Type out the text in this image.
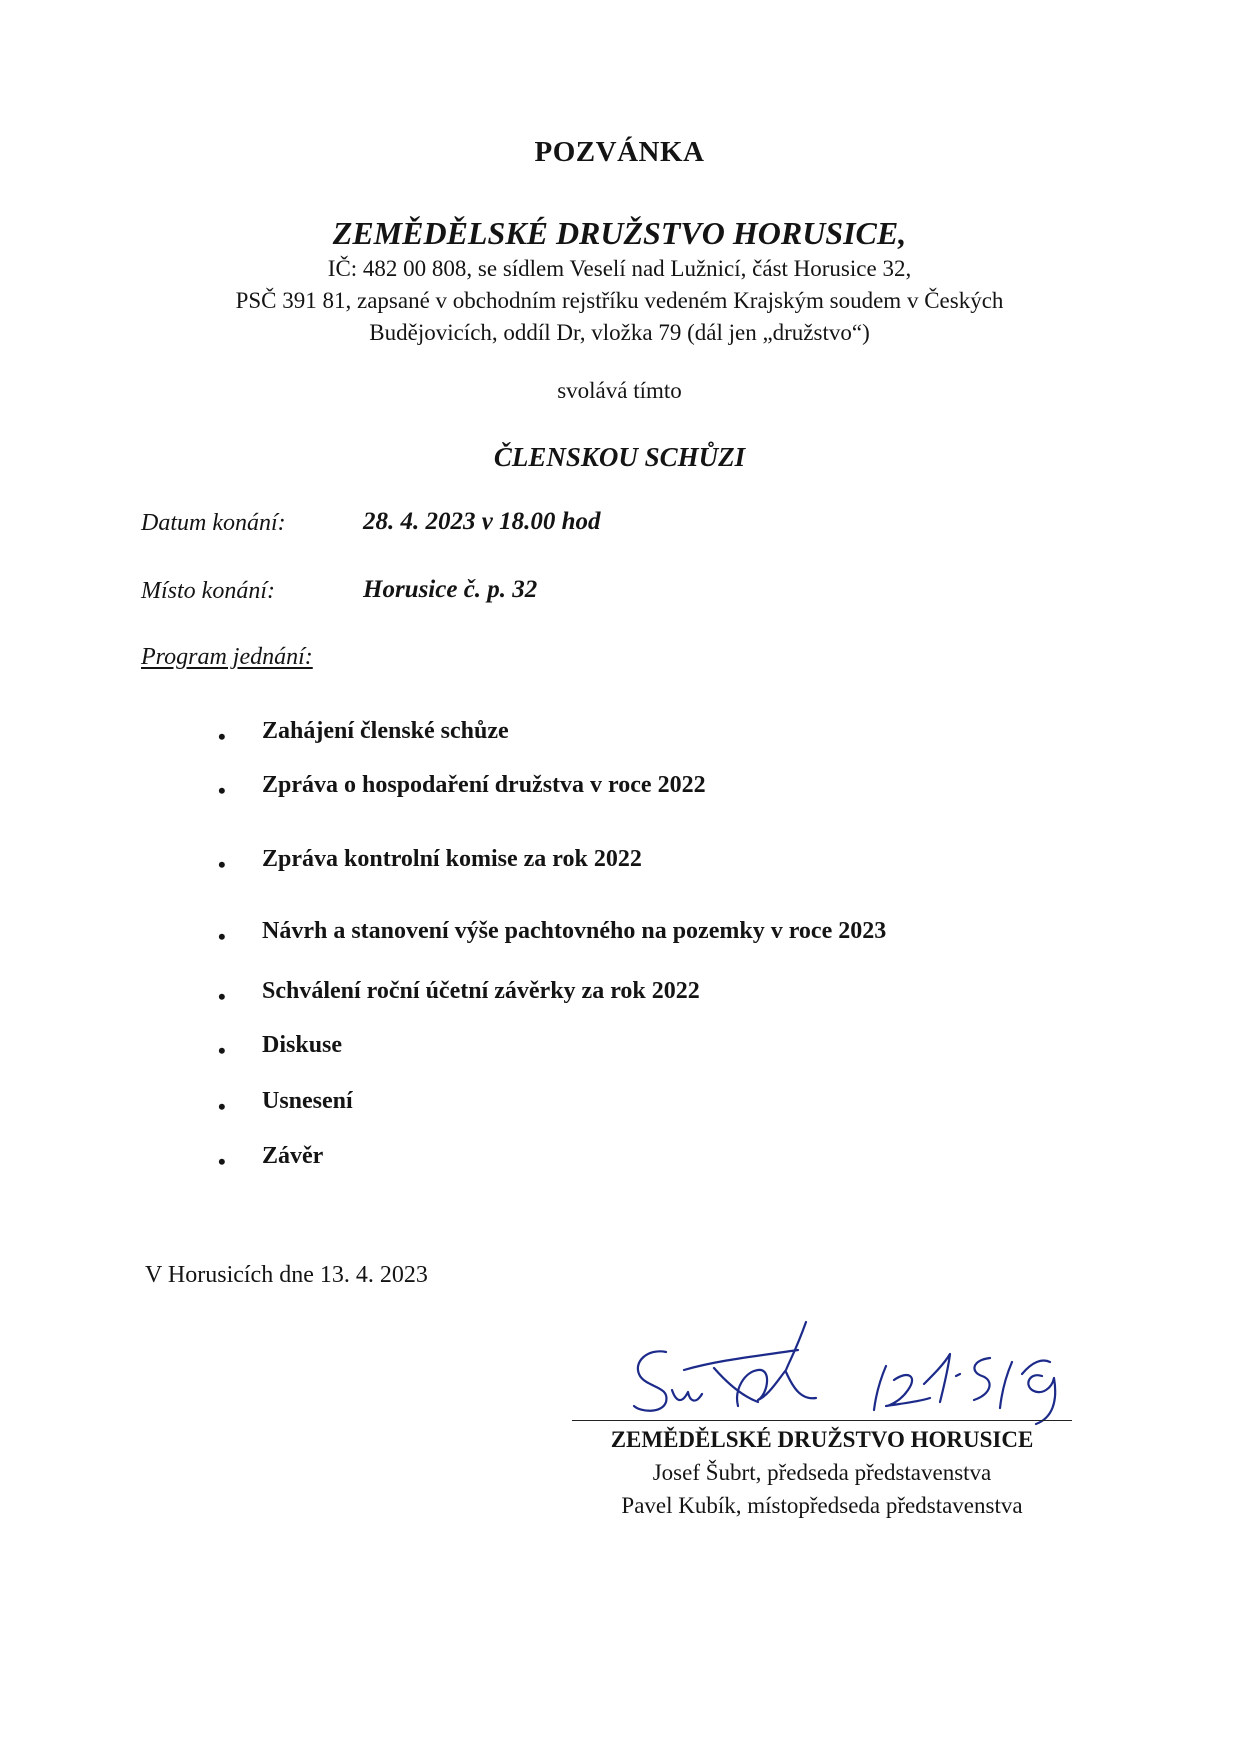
POZVÁNKA
ZEMĚDĚLSKÉ DRUŽSTVO HORUSICE,
IČ: 482 00 808, se sídlem Veselí nad Lužnicí, část Horusice 32,
PSČ 391 81, zapsané v obchodním rejstříku vedeném Krajským soudem v Českých
Budějovicích, oddíl Dr, vložka 79 (dál jen „družstvo“)
svolává tímto
ČLENSKOU SCHŮZI
Datum konání:	28. 4. 2023 v 18.00 hod
Místo konání:	Horusice č. p. 32
Program jednání:
• Zahájení členské schůze
• Zpráva o hospodaření družstva v roce 2022
• Zpráva kontrolní komise za rok 2022
• Návrh a stanovení výše pachtovného na pozemky v roce 2023
• Schválení roční účetní závěrky za rok 2022
• Diskuse
• Usnesení
• Závěr
V Horusicích dne 13. 4. 2023
ZEMĚDĚLSKÉ DRUŽSTVO HORUSICE
Josef Šubrt, předseda představenstva
Pavel Kubík, místopředseda představenstva
